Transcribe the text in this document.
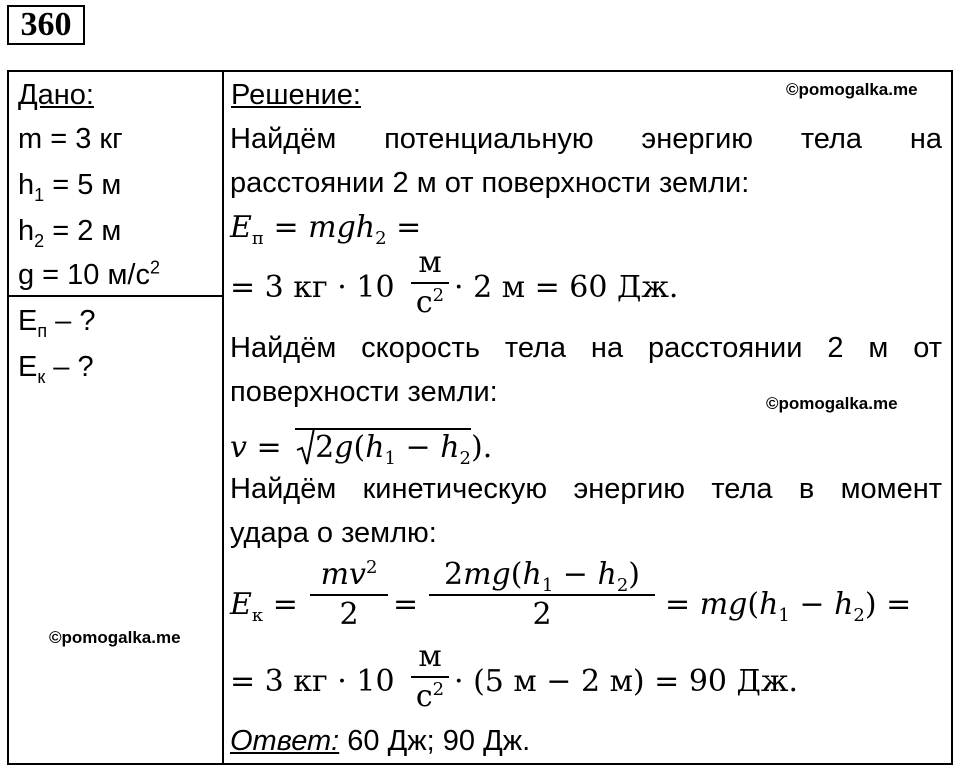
360
Дано:
m = 3 кг
$h_1 = 5$ м
$h_2 = 2$ м
g = 10 $м/с^2$
$E_п$ – ?
$E_к$ – ?
©pomogalka.me
Решение:	©pomogalka.me
Найдём потенциальную энергию тела на
расстоянии 2 м от поверхности земли:
$E_п = mgh_2$ =
= 3 кг · 10
м
$с^2 \cdot 2$ м = 60 Дж.
Найдём скорость тела на расстоянии 2 м от
поверхности земли:	©pomogalka.me
v =
$2g(h_1 - h_2)$.
Найдём кинетическую энергию тела в момент
удара о землю:
$E_к$ =
$mv^2$
2	=
$2mg(h_1 - h_2)$
2	= $mg(h_1 - h_2)$ =
= 3 кг · 10
м
$с^2 \cdot (5$ м − 2 м) = 90 Дж.
Ответ: 60 Дж; 90 Дж.
